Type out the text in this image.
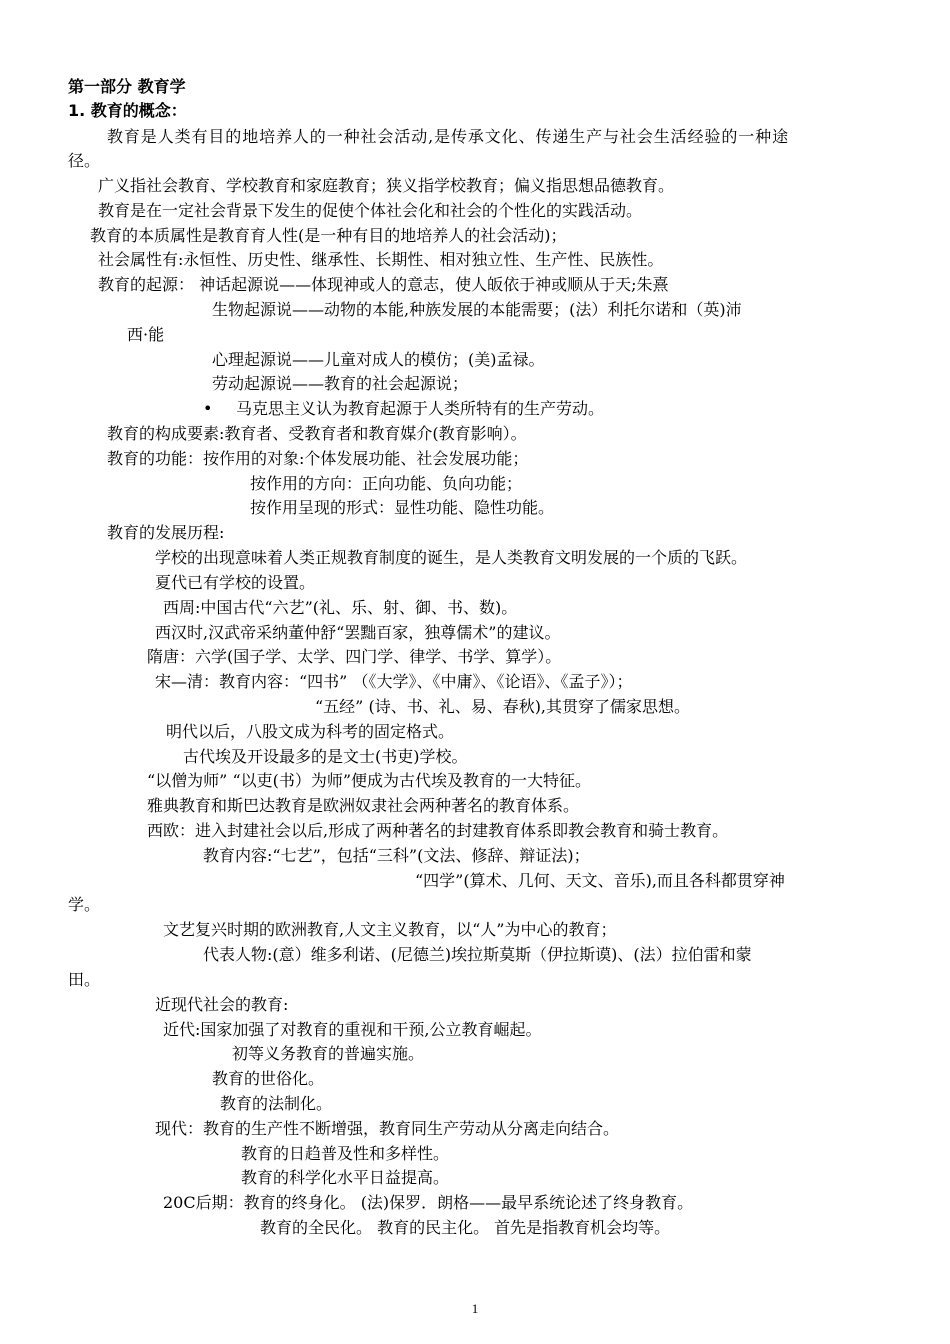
第一部分 教育学
1. 教育的概念：
教育是人类有目的地培养人的一种社会活动,是传承文化、传递生产与社会生活经验的一种途
径。
广义指社会教育、学校教育和家庭教育；狭义指学校教育；偏义指思想品德教育。
教育是在一定社会背景下发生的促使个体社会化和社会的个性化的实践活动。
教育的本质属性是教育育人性(是一种有目的地培养人的社会活动)；
社会属性有:永恒性、历史性、继承性、长期性、相对独立性、生产性、民族性。
教育的起源： 神话起源说——体现神或人的意志，使人皈依于神或顺从于天;朱熹
生物起源说——动物的本能,种族发展的本能需要；(法）利托尔诺和（英)沛
西·能
心理起源说——儿童对成人的模仿；(美)孟禄。
劳动起源说——教育的社会起源说；
• 马克思主义认为教育起源于人类所特有的生产劳动。
教育的构成要素:教育者、受教育者和教育媒介(教育影响）。
教育的功能：按作用的对象:个体发展功能、社会发展功能；
按作用的方向：正向功能、负向功能；
按作用呈现的形式：显性功能、隐性功能。
教育的发展历程:
学校的出现意味着人类正规教育制度的诞生，是人类教育文明发展的一个质的飞跃。
夏代已有学校的设置。
西周:中国古代“六艺”(礼、乐、射、御、书、数)。
西汉时,汉武帝采纳董仲舒“罢黜百家，独尊儒术”的建议。
隋唐：六学(国子学、太学、四门学、律学、书学、算学）。
宋—清：教育内容：“四书” （《大学》、《中庸》、《论语》、《孟子》）；
“五经” (诗、书、礼、易、春秋),其贯穿了儒家思想。
明代以后，八股文成为科考的固定格式。
古代埃及开设最多的是文士(书吏)学校。
“以僧为师” “以吏(书）为师”便成为古代埃及教育的一大特征。
雅典教育和斯巴达教育是欧洲奴隶社会两种著名的教育体系。
西欧：进入封建社会以后,形成了两种著名的封建教育体系即教会教育和骑士教育。
教育内容:“七艺”，包括“三科”(文法、修辞、辩证法)；
“四学”(算术、几何、天文、音乐),而且各科都贯穿神
学。
文艺复兴时期的欧洲教育,人文主义教育，以“人”为中心的教育；
代表人物:(意）维多利诺、(尼德兰)埃拉斯莫斯（伊拉斯谟)、(法）拉伯雷和蒙
田。
近现代社会的教育:
近代:国家加强了对教育的重视和干预,公立教育崛起。
初等义务教育的普遍实施。
教育的世俗化。
教育的法制化。
现代：教育的生产性不断增强，教育同生产劳动从分离走向结合。
教育的日趋普及性和多样性。
教育的科学化水平日益提高。
20C后期：教育的终身化。 (法)保罗．朗格——最早系统论述了终身教育。
教育的全民化。 教育的民主化。 首先是指教育机会均等。
1
